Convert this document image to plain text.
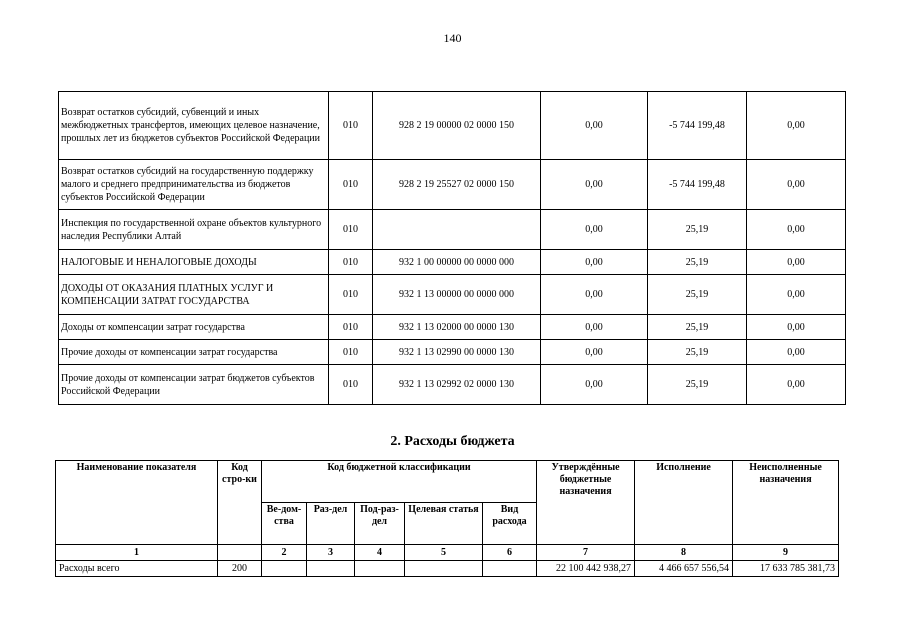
140
Возврат остатков субсидий, субвенций и иных межбюджетных трансфертов, имеющих целевое назначение, прошлых лет из бюджетов субъектов Российской Федерации	010	928 2 19 00000 02 0000 150	0,00	-5 744 199,48	0,00
Возврат остатков субсидий на государственную поддержку малого и среднего предпринимательства из бюджетов субъектов Российской Федерации	010	928 2 19 25527 02 0000 150	0,00	-5 744 199,48	0,00
Инспекция по государственной охране объектов культурного наследия Республики Алтай	010		0,00	25,19	0,00
НАЛОГОВЫЕ И НЕНАЛОГОВЫЕ ДОХОДЫ	010	932 1 00 00000 00 0000 000	0,00	25,19	0,00
ДОХОДЫ ОТ ОКАЗАНИЯ ПЛАТНЫХ УСЛУГ И КОМПЕНСАЦИИ ЗАТРАТ ГОСУДАРСТВА	010	932 1 13 00000 00 0000 000	0,00	25,19	0,00
Доходы от компенсации затрат государства	010	932 1 13 02000 00 0000 130	0,00	25,19	0,00
Прочие доходы от компенсации затрат государства	010	932 1 13 02990 00 0000 130	0,00	25,19	0,00
Прочие доходы от компенсации затрат бюджетов субъектов Российской Федерации	010	932 1 13 02992 02 0000 130	0,00	25,19	0,00
2. Расходы бюджета
Наименование показателя	Код стро-ки	Код бюджетной классификации					Утверждённые бюджетные назначения	Исполнение	Неисполненные назначения
		Ве-дом-ства	Раз-дел	Под-раз-дел	Целевая статья	Вид расхода			
1		2	3	4	5	6	7	8	9
Расходы всего	200						22 100 442 938,27	4 466 657 556,54	17 633 785 381,73
